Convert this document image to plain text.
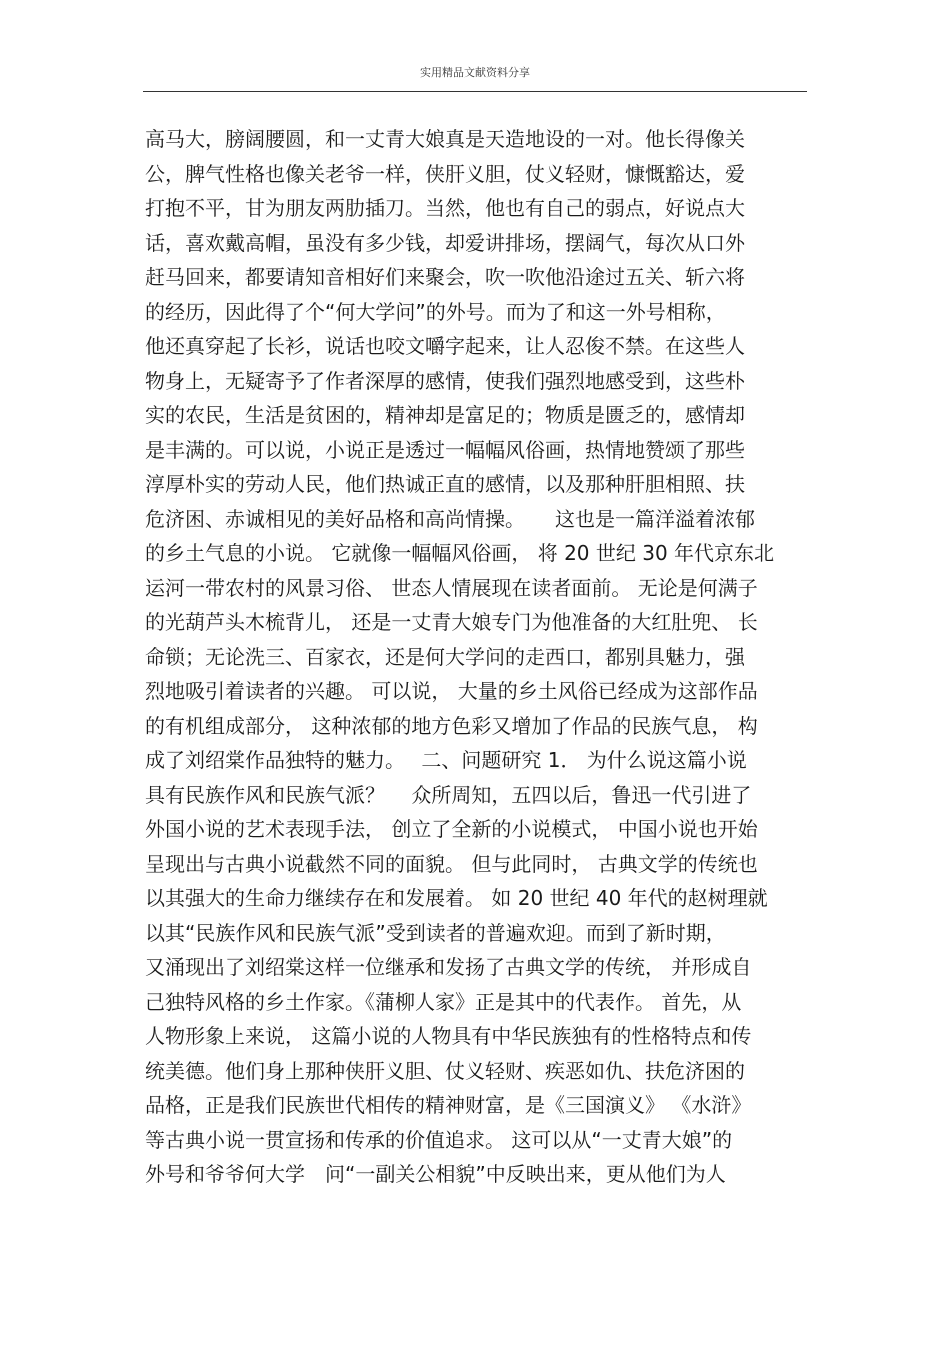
实用精品文献资料分享
高马大，膀阔腰圆，和一丈青大娘真是天造地设的一对。他长得像关
公，脾气性格也像关老爷一样，侠肝义胆，仗义轻财，慷慨豁达，爱
打抱不平，甘为朋友两肋插刀。当然，他也有自己的弱点，好说点大
话，喜欢戴高帽，虽没有多少钱，却爱讲排场，摆阔气，每次从口外
赶马回来，都要请知音相好们来聚会，吹一吹他沿途过五关、斩六将
的经历，因此得了个“何大学问”的外号。而为了和这一外号相称，
他还真穿起了长衫，说话也咬文嚼字起来，让人忍俊不禁。在这些人
物身上，无疑寄予了作者深厚的感情，使我们强烈地感受到，这些朴
实的农民，生活是贫困的，精神却是富足的；物质是匮乏的，感情却
是丰满的。可以说，小说正是透过一幅幅风俗画，热情地赞颂了那些
淳厚朴实的劳动人民，他们热诚正直的感情，以及那种肝胆相照、扶
危济困、赤诚相见的美好品格和高尚情操。　　这也是一篇洋溢着浓郁
的乡土气息的小说。 它就像一幅幅风俗画， 将 20 世纪 30 年代京东北
运河一带农村的风景习俗、 世态人情展现在读者面前。 无论是何满子
的光葫芦头木梳背儿， 还是一丈青大娘专门为他准备的大红肚兜、 长
命锁；无论洗三、百家衣，还是何大学问的走西口，都别具魅力，强
烈地吸引着读者的兴趣。 可以说， 大量的乡土风俗已经成为这部作品
的有机组成部分， 这种浓郁的地方色彩又增加了作品的民族气息， 构
成了刘绍棠作品独特的魅力。　 二、问题研究 1． 为什么说这篇小说
具有民族作风和民族气派？　 众所周知，五四以后，鲁迅一代引进了
外国小说的艺术表现手法， 创立了全新的小说模式， 中国小说也开始
呈现出与古典小说截然不同的面貌。 但与此同时， 古典文学的传统也
以其强大的生命力继续存在和发展着。 如 20 世纪 40 年代的赵树理就
以其“民族作风和民族气派”受到读者的普遍欢迎。而到了新时期，
又涌现出了刘绍棠这样一位继承和发扬了古典文学的传统， 并形成自
己独特风格的乡土作家。《蒲柳人家》正是其中的代表作。 首先，从
人物形象上来说， 这篇小说的人物具有中华民族独有的性格特点和传
统美德。他们身上那种侠肝义胆、仗义轻财、疾恶如仇、扶危济困的
品格，正是我们民族世代相传的精神财富，是《三国演义》 《水浒》
等古典小说一贯宣扬和传承的价值追求。 这可以从“一丈青大娘”的
外号和爷爷何大学　问“一副关公相貌”中反映出来，更从他们为人
